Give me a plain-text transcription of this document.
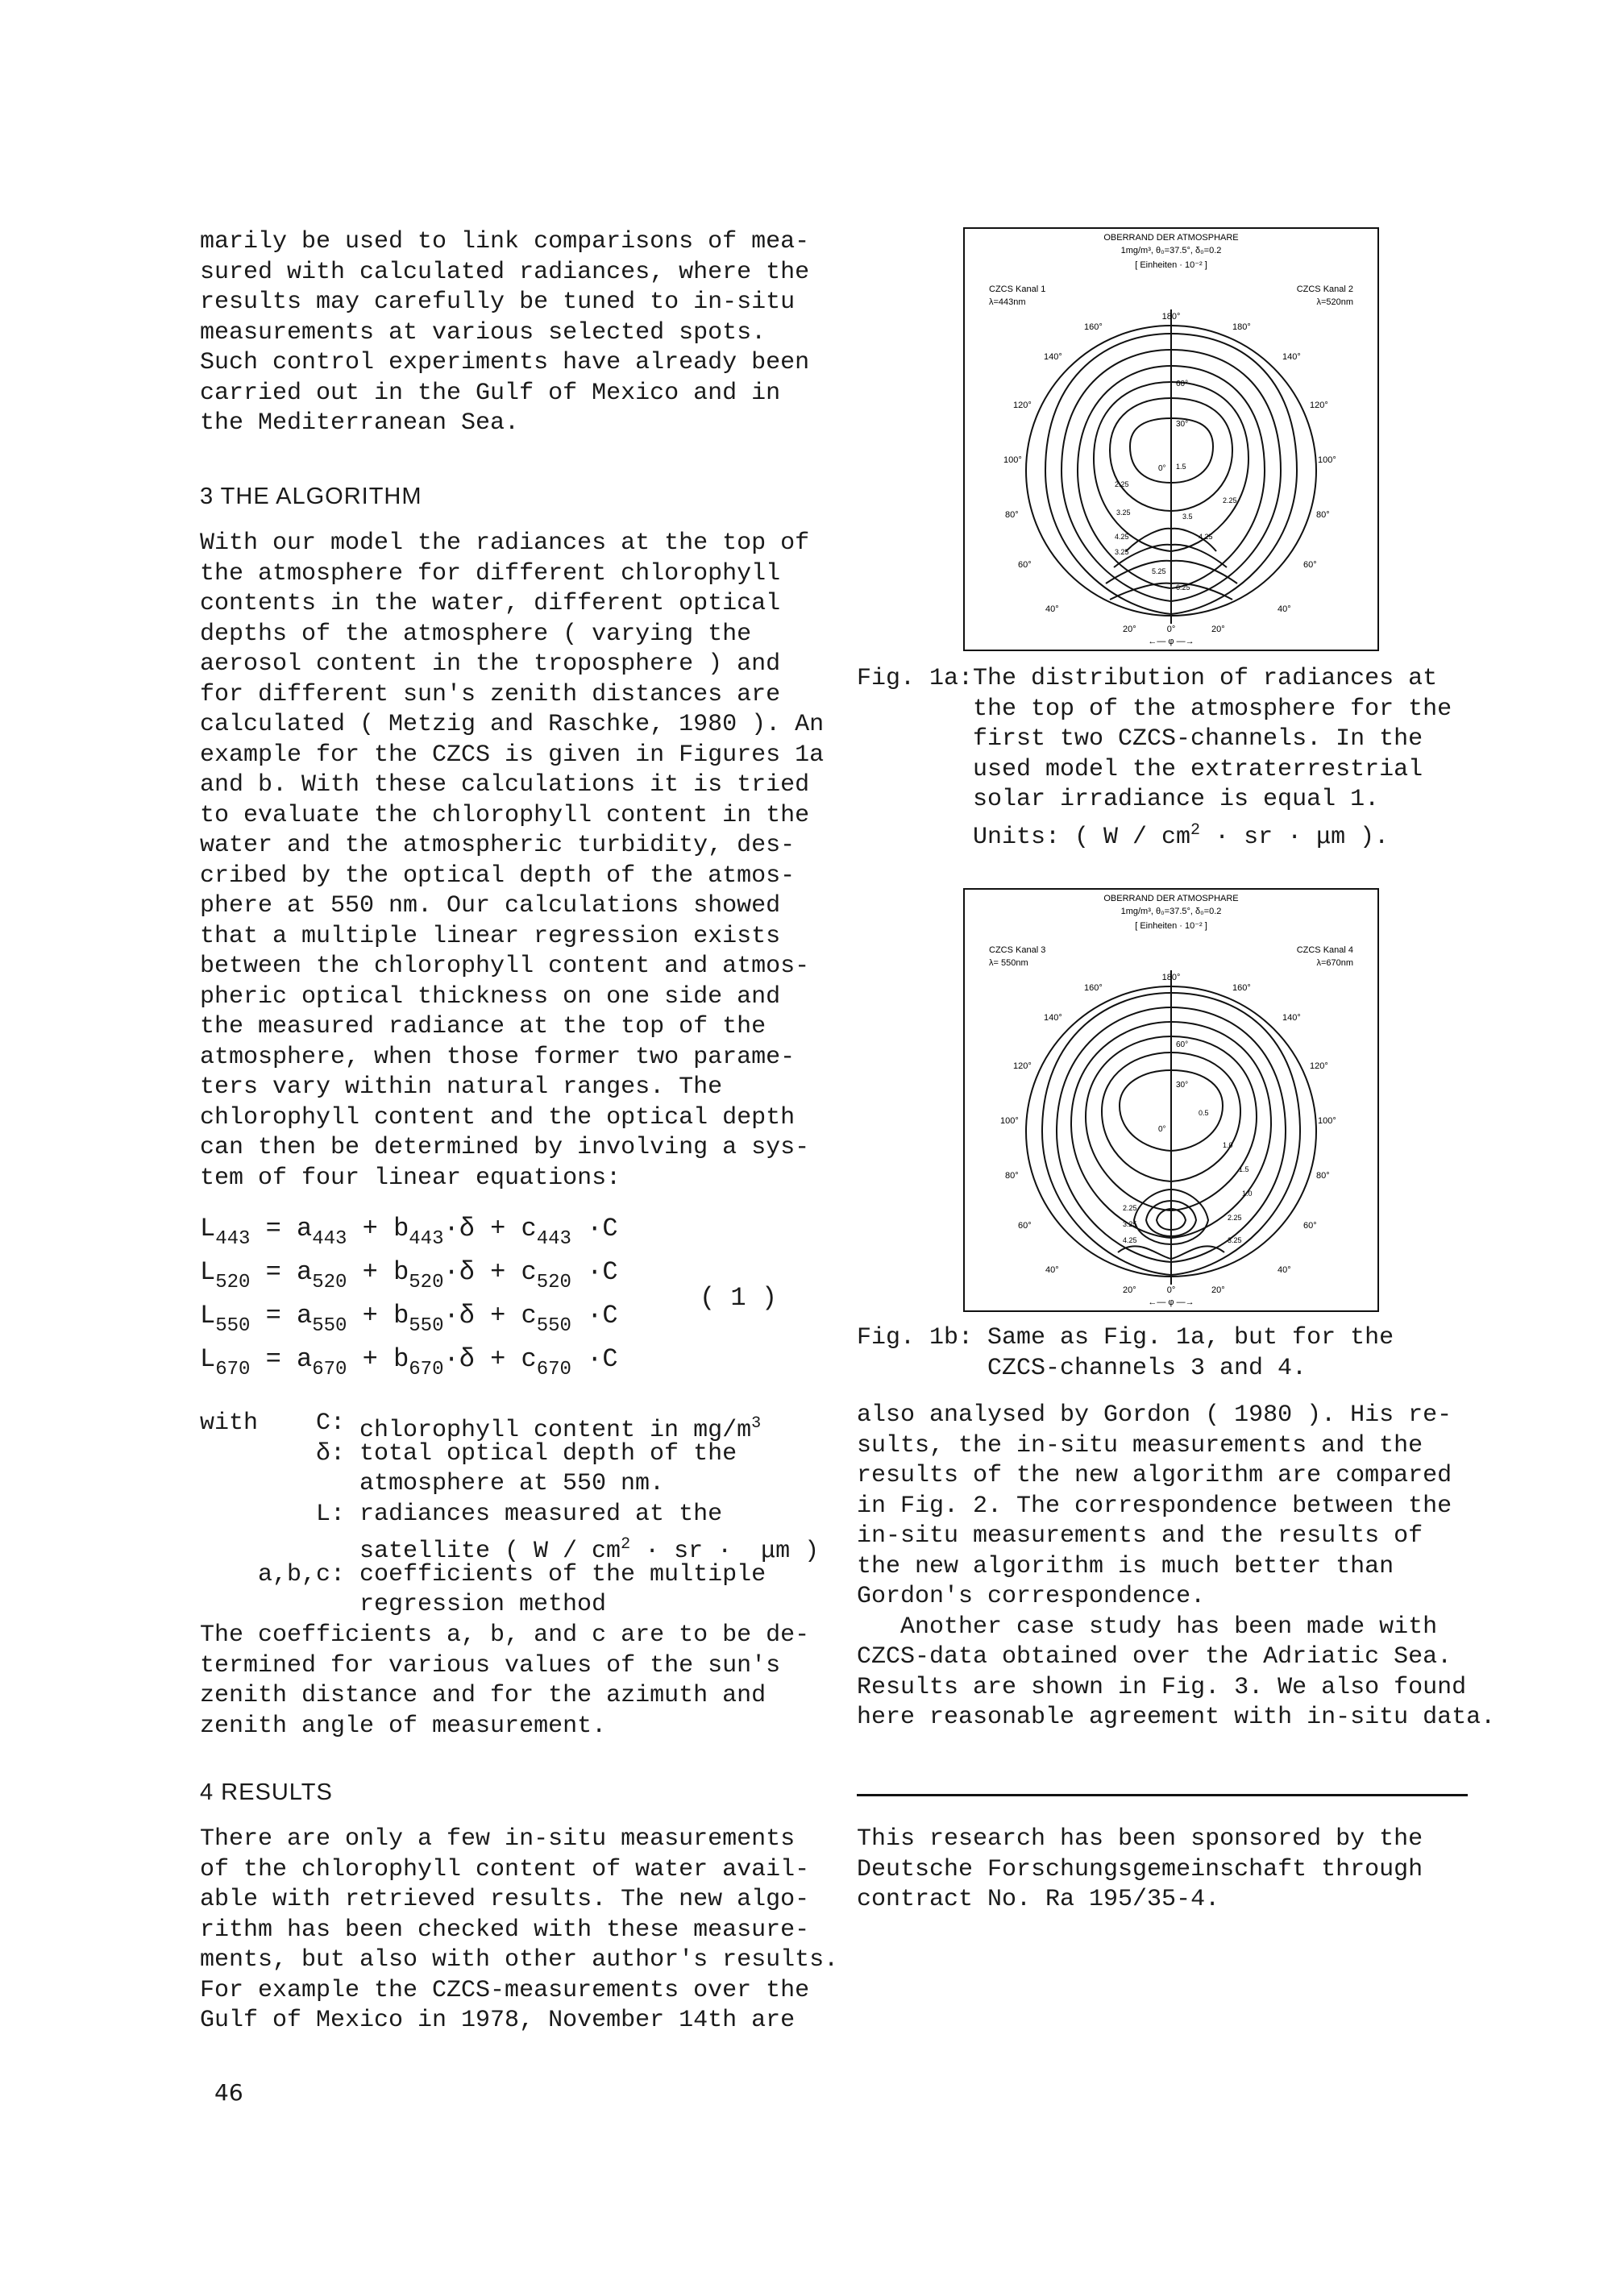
marily be used to link comparisons of mea-
sured with calculated radiances, where the
results may carefully be tuned to in-situ
measurements at various selected spots.
Such control experiments have already been
carried out in the Gulf of Mexico and in
the Mediterranean Sea.
3 THE ALGORITHM
With our model the radiances at the top of
the atmosphere for different chlorophyll
contents in the water, different optical
depths of the atmosphere ( varying the
aerosol content in the troposphere ) and
for different sun's zenith distances are
calculated ( Metzig and Raschke, 1980 ). An
example for the CZCS is given in Figures 1a
and b. With these calculations it is tried
to evaluate the chlorophyll content in the
water and the atmospheric turbidity, des-
cribed by the optical depth of the atmos-
phere at 550 nm. Our calculations showed
that a multiple linear regression exists
between the chlorophyll content and atmos-
pheric optical thickness on one side and
the measured radiance at the top of the
atmosphere, when those former two parame-
ters vary within natural ranges. The
chlorophyll content and the optical depth
can then be determined by involving a sys-
tem of four linear equations:
$L_{443} = a_{443} + b_{443}\cdot\delta + c_{443} \cdot C$
$L_{520} = a_{520} + b_{520}\cdot\delta + c_{520} \cdot C$
$L_{550} = a_{550} + b_{550}\cdot\delta + c_{550} \cdot C$
$L_{670} = a_{670} + b_{670}\cdot\delta + c_{670} \cdot C$
( 1 )
with C: chlorophyll content in $mg/m^3$
δ: total optical depth of the
atmosphere at 550 nm.
L: radiances measured at the
satellite ( W / $cm^2$ · sr ·  μm )
a,b,c: coefficients of the multiple
regression method
The coefficients a, b, and c are to be de-
termined for various values of the sun's
zenith distance and for the azimuth and
zenith angle of measurement.
4 RESULTS
There are only a few in-situ measurements
of the chlorophyll content of water avail-
able with retrieved results. The new algo-
rithm has been checked with these measure-
ments, but also with other author's results.
For example the CZCS-measurements over the
Gulf of Mexico in 1978, November 14th are
OBERRAND DER ATMOSPHARE
1mg/m³, θ₀=37.5°, δ₀=0.2
[ Einheiten · 10⁻² ]
CZCS Kanal 1
λ=443nm
CZCS Kanal 2
λ=520nm
180°
160°	180°
140°
120°
100°
80°
60°
40°
20°	0°	20°
140°
120°
100°
80°
60°
40°
60°
30°
0°
2.25
2.25
1.5
3.25	3.5
4.25	4.25
3.25
5.25
6.25
←— φ —→
Fig. 1a: The distribution of radiances at
the top of the atmosphere for the
first two CZCS-channels. In the
used model the extraterrestrial
solar irradiance is equal 1.
Units: ( W / $cm^2$ · sr · μm ).
OBERRAND DER ATMOSPHARE
1mg/m³, θ₀=37.5°, δ₀=0.2
[ Einheiten · 10⁻² ]
CZCS Kanal 3
λ= 550nm
CZCS Kanal 4
λ=670nm
180°
160°	160°
140°
120°
100°
80°
60°
40°
20°	0°	20°
140°
120°
100°
80°
60°
40°
60°
30°
0°
0.5
1.0
1.5
2.25
3.25
4.25
2.25
3.25
1.0
←— φ —→
Fig. 1b: Same as Fig. 1a, but for the
CZCS-channels 3 and 4.
also analysed by Gordon ( 1980 ). His re-
sults, the in-situ measurements and the
results of the new algorithm are compared
in Fig. 2. The correspondence between the
in-situ measurements and the results of
the new algorithm is much better than
Gordon's correspondence.
Another case study has been made with
CZCS-data obtained over the Adriatic Sea.
Results are shown in Fig. 3. We also found
here reasonable agreement with in-situ data.
This research has been sponsored by the
Deutsche Forschungsgemeinschaft through
contract No. Ra 195/35-4.
46
